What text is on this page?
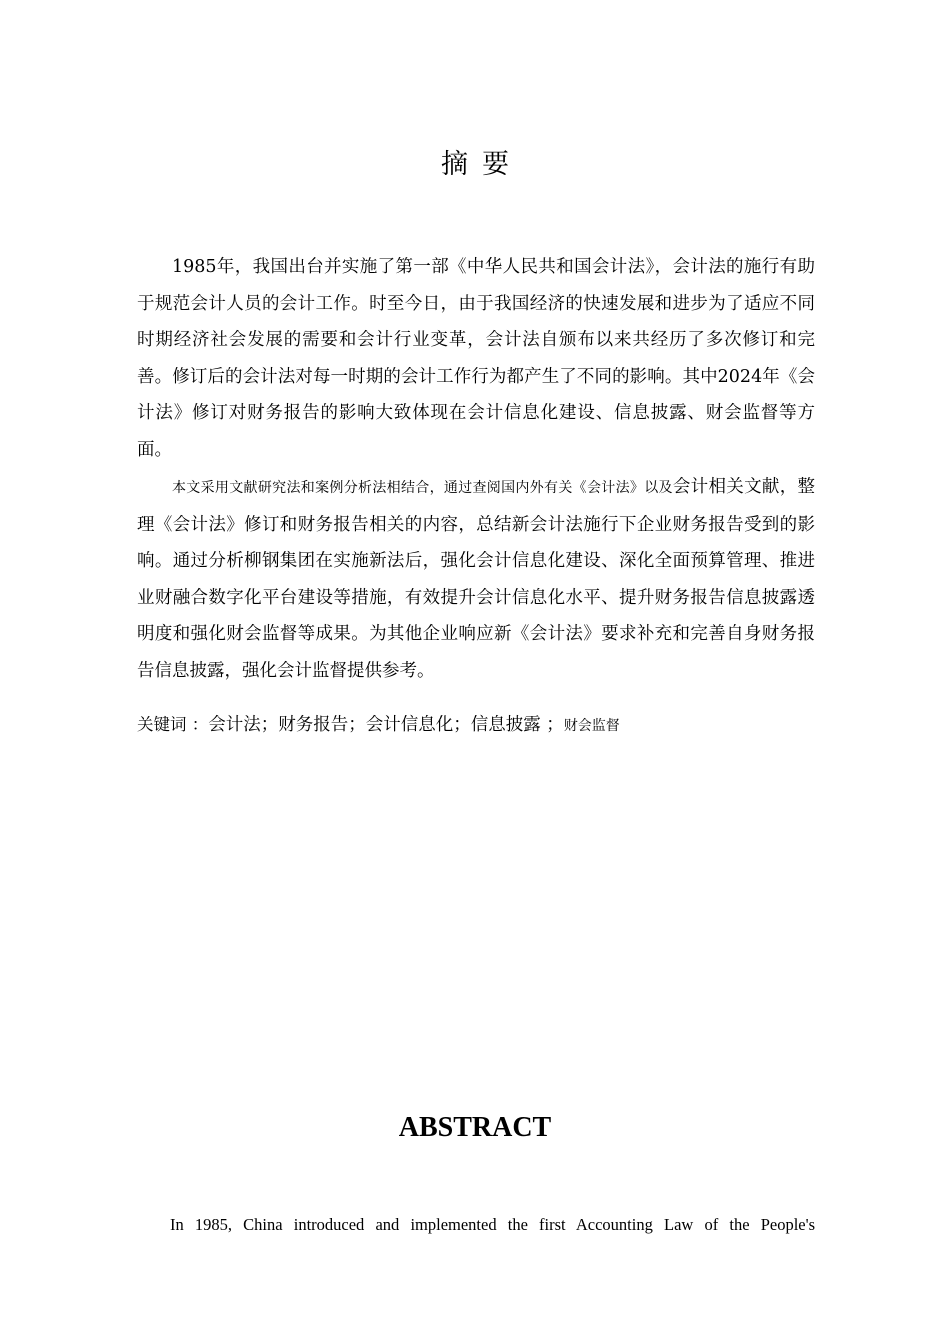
摘要

1985年，我国出台并实施了第一部《中华人民共和国会计法》，会计法的施行有助于规范会计人员的会计工作。时至今日，由于我国经济的快速发展和进步为了适应不同时期经济社会发展的需要和会计行业变革，会计法自颁布以来共经历了多次修订和完善。修订后的会计法对每一时期的会计工作行为都产生了不同的影响。其中2024年《会计法》修订对财务报告的影响大致体现在会计信息化建设、信息披露、财会监督等方面。

本文采用文献研究法和案例分析法相结合，通过查阅国内外有关《会计法》以及会计相关文献，整理《会计法》修订和财务报告相关的内容，总结新会计法施行下企业财务报告受到的影响。通过分析柳钢集团在实施新法后，强化会计信息化建设、深化全面预算管理、推进业财融合数字化平台建设等措施，有效提升会计信息化水平、提升财务报告信息披露透明度和强化财会监督等成果。为其他企业响应新《会计法》要求补充和完善自身财务报告信息披露，强化会计监督提供参考。

关键词 ：会计法；财务报告；会计信息化；信息披露 ；财会监督
ABSTRACT

In 1985, China introduced and implemented the first Accounting Law of the People's
